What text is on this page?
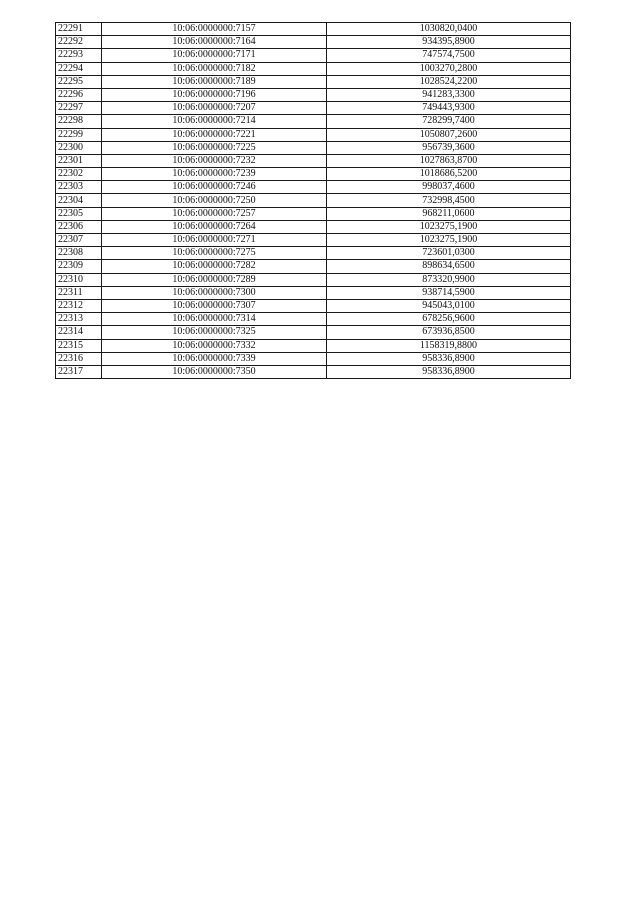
22291	10:06:0000000:7157	1030820,0400
22292	10:06:0000000:7164	934395,8900
22293	10:06:0000000:7171	747574,7500
22294	10:06:0000000:7182	1003270,2800
22295	10:06:0000000:7189	1028524,2200
22296	10:06:0000000:7196	941283,3300
22297	10:06:0000000:7207	749443,9300
22298	10:06:0000000:7214	728299,7400
22299	10:06:0000000:7221	1050807,2600
22300	10:06:0000000:7225	956739,3600
22301	10:06:0000000:7232	1027863,8700
22302	10:06:0000000:7239	1018686,5200
22303	10:06:0000000:7246	998037,4600
22304	10:06:0000000:7250	732998,4500
22305	10:06:0000000:7257	968211,0600
22306	10:06:0000000:7264	1023275,1900
22307	10:06:0000000:7271	1023275,1900
22308	10:06:0000000:7275	723601,0300
22309	10:06:0000000:7282	898634,6500
22310	10:06:0000000:7289	873320,9900
22311	10:06:0000000:7300	938714,5900
22312	10:06:0000000:7307	945043,0100
22313	10:06:0000000:7314	678256,9600
22314	10:06:0000000:7325	673936,8500
22315	10:06:0000000:7332	1158319,8800
22316	10:06:0000000:7339	958336,8900
22317	10:06:0000000:7350	958336,8900
